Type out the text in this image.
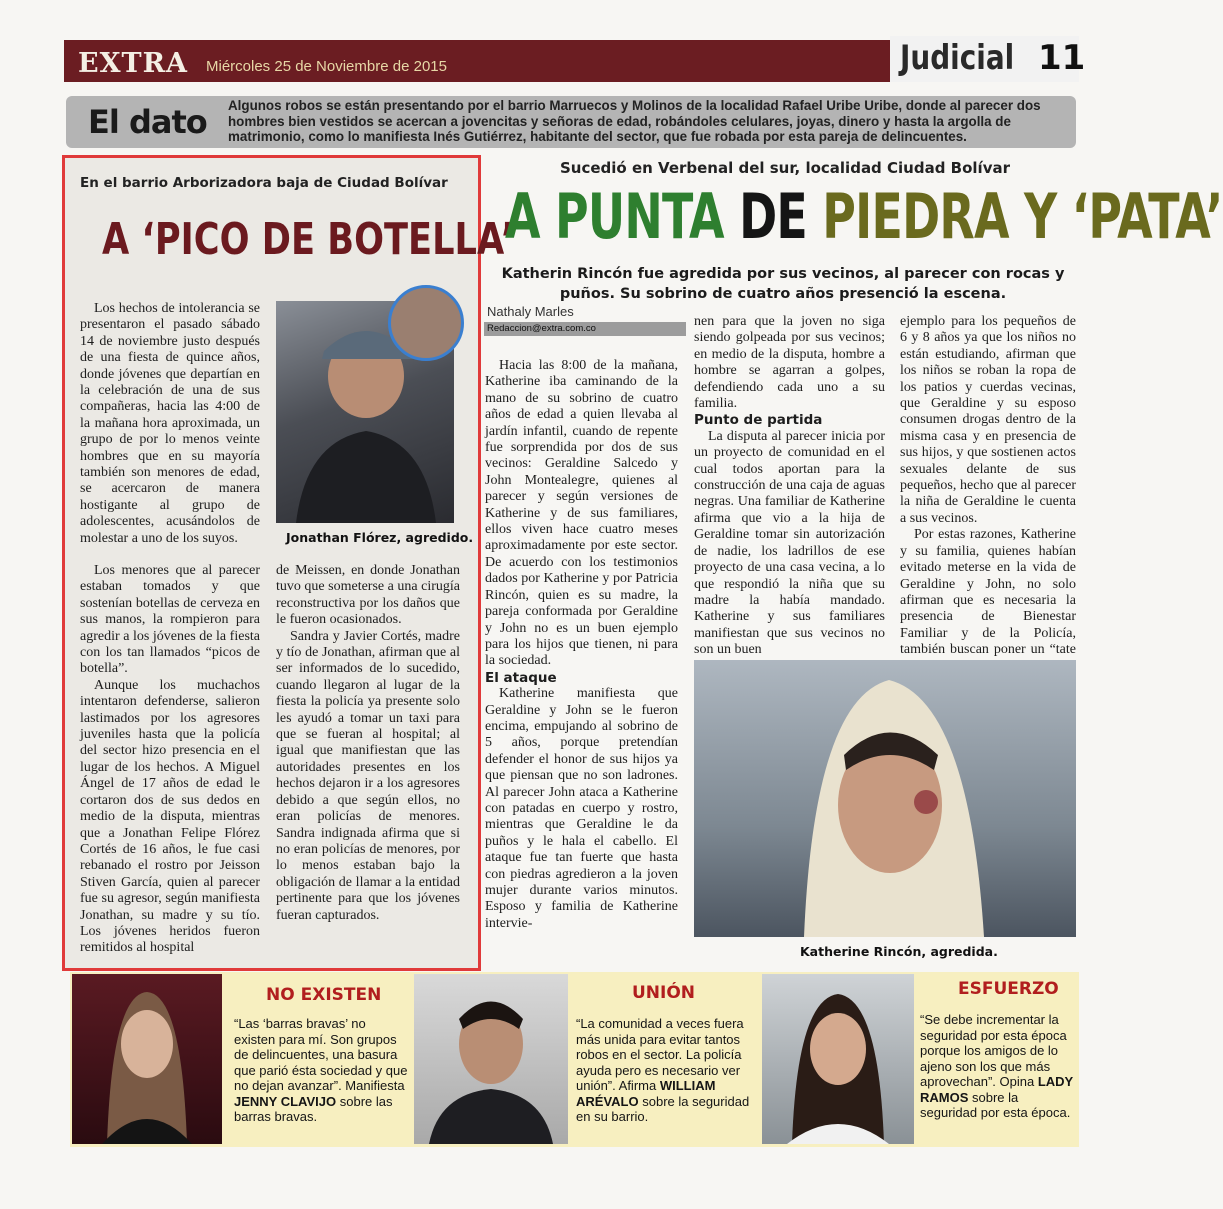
EXTRA Miércoles 25 de Noviembre de 2015	Judicial 11
El dato Algunos robos se están presentando por el barrio Marruecos y Molinos de la localidad Rafael Uribe Uribe, donde al parecer dos hombres bien vestidos se acercan a jovencitas y señoras de edad, robándoles celulares, joyas, dinero y hasta la argolla de matrimonio, como lo manifiesta Inés Gutiérrez, habitante del sector, que fue robada por esta pareja de delincuentes.
En el barrio Arborizadora baja de Ciudad Bolívar
A ‘PICO DE BOTELLA’
Jonathan Flórez, agredido.

Los hechos de intolerancia se presentaron el pasado sábado 14 de noviembre justo después de una fiesta de quince años, donde jóvenes que departían en la celebración de una de sus compañeras, hacia las 4:00 de la mañana hora aproximada, un grupo de por lo menos veinte hombres que en su mayoría también son menores de edad, se acercaron de manera hostigante al grupo de adolescentes, acusándolos de molestar a uno de los suyos.

Los menores que al parecer estaban tomados y que sostenían botellas de cerveza en sus manos, la rompieron para agredir a los jóvenes de la fiesta con los tan llamados “picos de botella”.

Aunque los muchachos intentaron defenderse, salieron lastimados por los agresores juveniles hasta que la policía del sector hizo presencia en el lugar de los hechos. A Miguel Ángel de 17 años de edad le cortaron dos de sus dedos en medio de la disputa, mientras que a Jonathan Felipe Flórez Cortés de 16 años, le fue casi rebanado el rostro por Jeisson Stiven García, quien al parecer fue su agresor, según manifiesta Jonathan, su madre y su tío. Los jóvenes heridos fueron remitidos al hospital

de Meissen, en donde Jonathan tuvo que someterse a una cirugía reconstructiva por los daños que le fueron ocasionados.

Sandra y Javier Cortés, madre y tío de Jonathan, afirman que al ser informados de lo sucedido, cuando llegaron al lugar de la fiesta la policía ya presente solo les ayudó a tomar un taxi para que se fueran al hospital; al igual que manifiestan que las autoridades presentes en los hechos dejaron ir a los agresores debido a que según ellos, no eran policías de menores. Sandra indignada afirma que si no eran policías de menores, por lo menos estaban bajo la obligación de llamar a la entidad pertinente para que los jóvenes fueran capturados.

Sucedió en Verbenal del sur, localidad Ciudad Bolívar
A PUNTA DE PIEDRA Y ‘PATA’
Katherin Rincón fue agredida por sus vecinos, al parecer con rocas y puños. Su sobrino de cuatro años presenció la escena.
Nathaly Marles
Redaccion@extra.com.co

Hacia las 8:00 de la mañana, Katherine iba caminando de la mano de su sobrino de cuatro años de edad a quien llevaba al jardín infantil, cuando de repente fue sorprendida por dos de sus vecinos: Geraldine Salcedo y John Montealegre, quienes al parecer y según versiones de Katherine y de sus familiares, ellos viven hace cuatro meses aproximadamente por este sector. De acuerdo con los testimonios dados por Katherine y por Patricia Rincón, quien es su madre, la pareja conformada por Geraldine y John no es un buen ejemplo para los hijos que tienen, ni para la sociedad.

El ataque

Katherine manifiesta que Geraldine y John se le fueron encima, empujando al sobrino de 5 años, porque pretendían defender el honor de sus hijos ya que piensan que no son ladrones. Al parecer John ataca a Katherine con patadas en cuerpo y rostro, mientras que Geraldine le da puños y le hala el cabello. El ataque fue tan fuerte que hasta con piedras agredieron a la joven mujer durante varios minutos. Esposo y familia de Katherine intervie-

nen para que la joven no siga siendo golpeada por sus vecinos; en medio de la disputa, hombre a hombre se agarran a golpes, defendiendo cada uno a su familia.

Punto de partida

La disputa al parecer inicia por un proyecto de comunidad en el cual todos aportan para la construcción de una caja de aguas negras. Una familiar de Katherine afirma que vio a la hija de Geraldine tomar sin autorización de nadie, los ladrillos de ese proyecto de una casa vecina, a lo que respondió la niña que su madre la había mandado. Katherine y sus familiares manifiestan que sus vecinos no son un buen

ejemplo para los pequeños de 6 y 8 años ya que los niños no están estudiando, afirman que los niños se roban la ropa de los patios y cuerdas vecinas, que Geraldine y su esposo consumen drogas dentro de la misma casa y en presencia de sus hijos, y que sostienen actos sexuales delante de sus pequeños, hecho que al parecer la niña de Geraldine le cuenta a sus vecinos.

Por estas razones, Katherine y su familia, quienes habían evitado meterse en la vida de Geraldine y John, no solo afirman que es necesaria la presencia de Bienestar Familiar y de la Policía, también buscan poner un “tate

Katherine Rincón, agredida.
NO EXISTEN
“Las ‘barras bravas’ no existen para mí. Son grupos de delincuentes, una basura que parió ésta sociedad y que no dejan avanzar”. Manifiesta JENNY CLAVIJO sobre las barras bravas.
UNIÓN
“La comunidad a veces fuera más unida para evitar tantos robos en el sector. La policía ayuda pero es necesario ver unión”. Afirma WILLIAM ARÉVALO sobre la seguridad en su barrio.
ESFUERZO
“Se debe incrementar la seguridad por esta época porque los amigos de lo ajeno son los que más aprovechan”. Opina LADY RAMOS sobre la seguridad por esta época.
